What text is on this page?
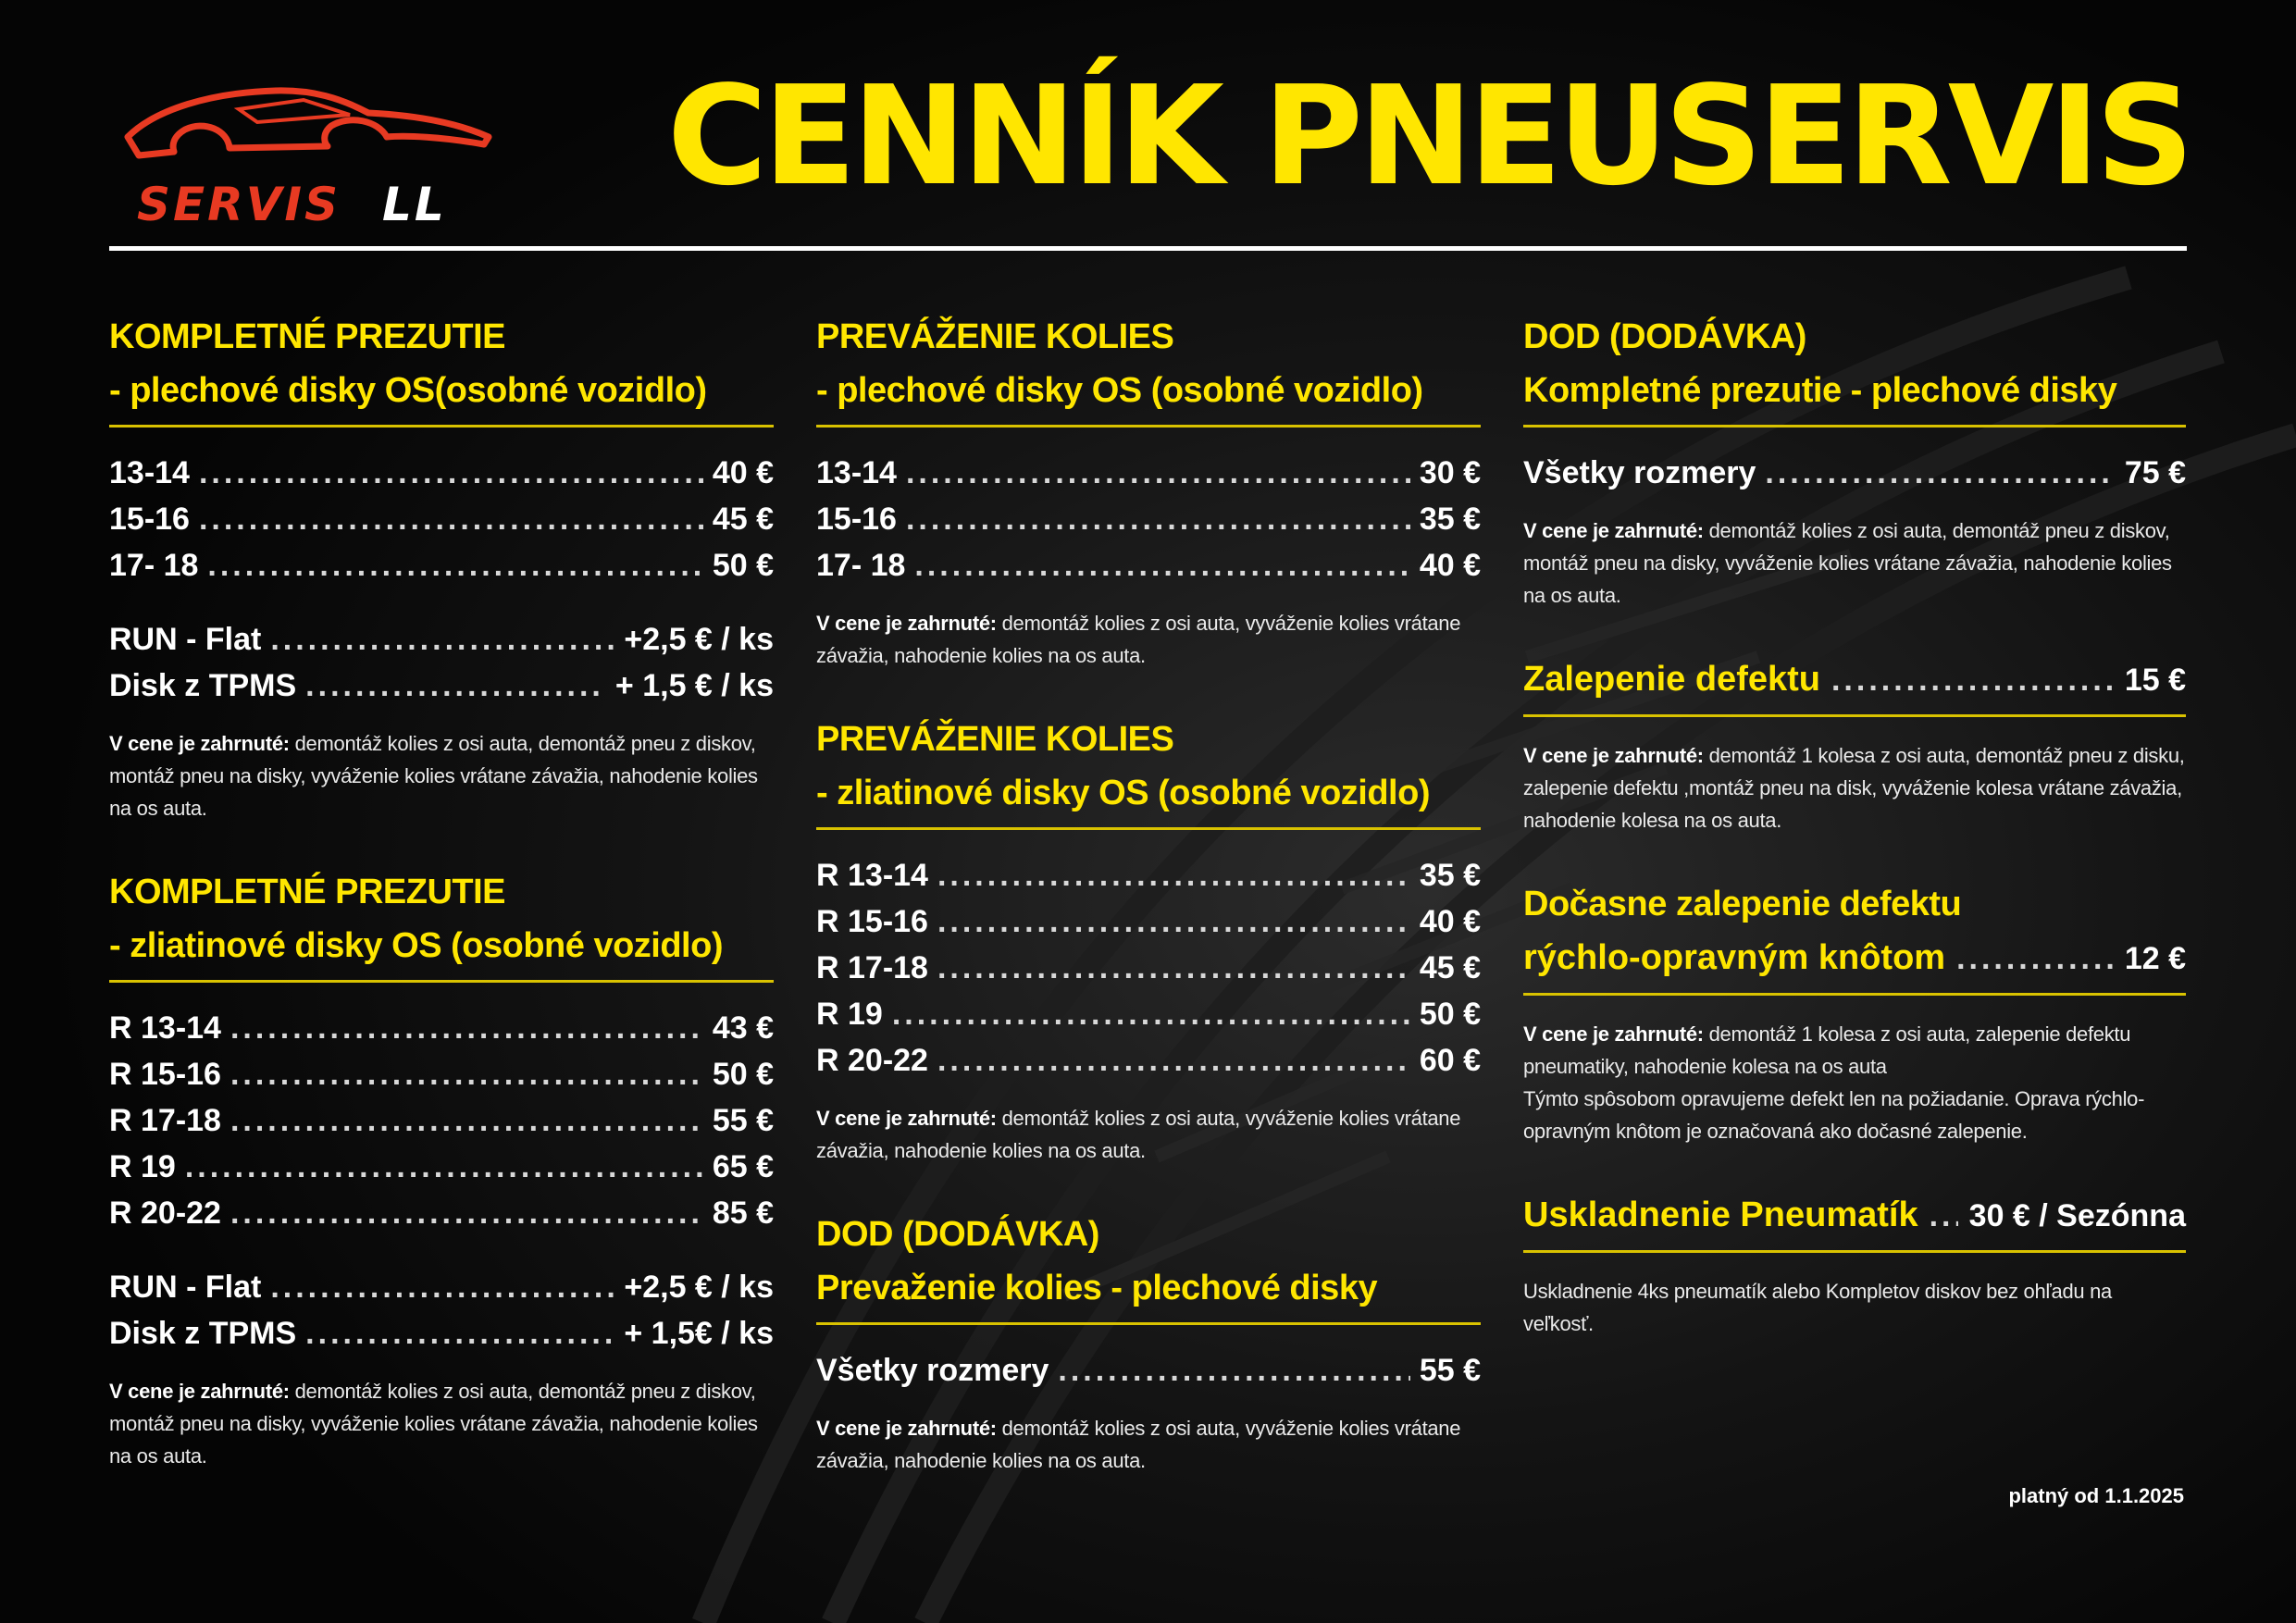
SERVIS LL	CENNÍK PNEUSERVIS
KOMPLETNÉ PREZUTIE
- plechové disky OS(osobné vozidlo)
13-14 .....	40 €
15-16 .....	45 €
17- 18 .....	50 €
RUN - Flat .....	+2,5 € / ks
Disk z TPMS .....	+ 1,5 € / ks
V cene je zahrnuté: demontáž kolies z osi auta, demontáž pneu z diskov, montáž pneu na disky, vyváženie kolies vrátane závažia, nahodenie kolies na os auta.
KOMPLETNÉ PREZUTIE
- zliatinové disky OS (osobné vozidlo)
R 13-14 .....	43 €
R 15-16 .....	50 €
R 17-18 .....	55 €
R 19 .....	65 €
R 20-22 .....	85 €
RUN - Flat .....	+2,5 € / ks
Disk z TPMS .....	+ 1,5€ / ks
V cene je zahrnuté: demontáž kolies z osi auta, demontáž pneu z diskov, montáž pneu na disky, vyváženie kolies vrátane závažia, nahodenie kolies na os auta.
PREVÁŽENIE KOLIES
- plechové disky OS (osobné vozidlo)
13-14 .....	30 €
15-16 .....	35 €
17- 18 .....	40 €
V cene je zahrnuté: demontáž kolies z osi auta, vyváženie kolies vrátane závažia, nahodenie kolies na os auta.
PREVÁŽENIE KOLIES
- zliatinové disky OS (osobné vozidlo)
R 13-14 .....	35 €
R 15-16 .....	40 €
R 17-18 .....	45 €
R 19 .....	50 €
R 20-22 .....	60 €
V cene je zahrnuté: demontáž kolies z osi auta, vyváženie kolies vrátane závažia, nahodenie kolies na os auta.
DOD (DODÁVKA)
Prevaženie kolies - plechové disky
Všetky rozmery .....	55 €
V cene je zahrnuté: demontáž kolies z osi auta, vyváženie kolies vrátane závažia, nahodenie kolies na os auta.
DOD (DODÁVKA)
Kompletné prezutie - plechové disky
Všetky rozmery .....	75 €
V cene je zahrnuté: demontáž kolies z osi auta, demontáž pneu z diskov, montáž pneu na disky, vyváženie kolies vrátane závažia, nahodenie kolies na os auta.
Zalepenie defektu .....	15 €
V cene je zahrnuté: demontáž 1 kolesa z osi auta, demontáž pneu z disku, zalepenie defektu ,montáž pneu na disk, vyváženie kolesa vrátane závažia, nahodenie kolesa na os auta.
Dočasne zalepenie defektu
rýchlo-opravným knôtom .....	12 €
V cene je zahrnuté: demontáž 1 kolesa z osi auta, zalepenie defektu pneumatiky, nahodenie kolesa na os auta
Týmto spôsobom opravujeme defekt len na požiadanie. Oprava rýchlo-opravným knôtom je označovaná ako dočasné zalepenie.
Uskladnenie Pneumatík ..... 30 € / Sezónna
Uskladnenie 4ks pneumatík alebo Kompletov diskov bez ohľadu na veľkosť.
platný od 1.1.2025
